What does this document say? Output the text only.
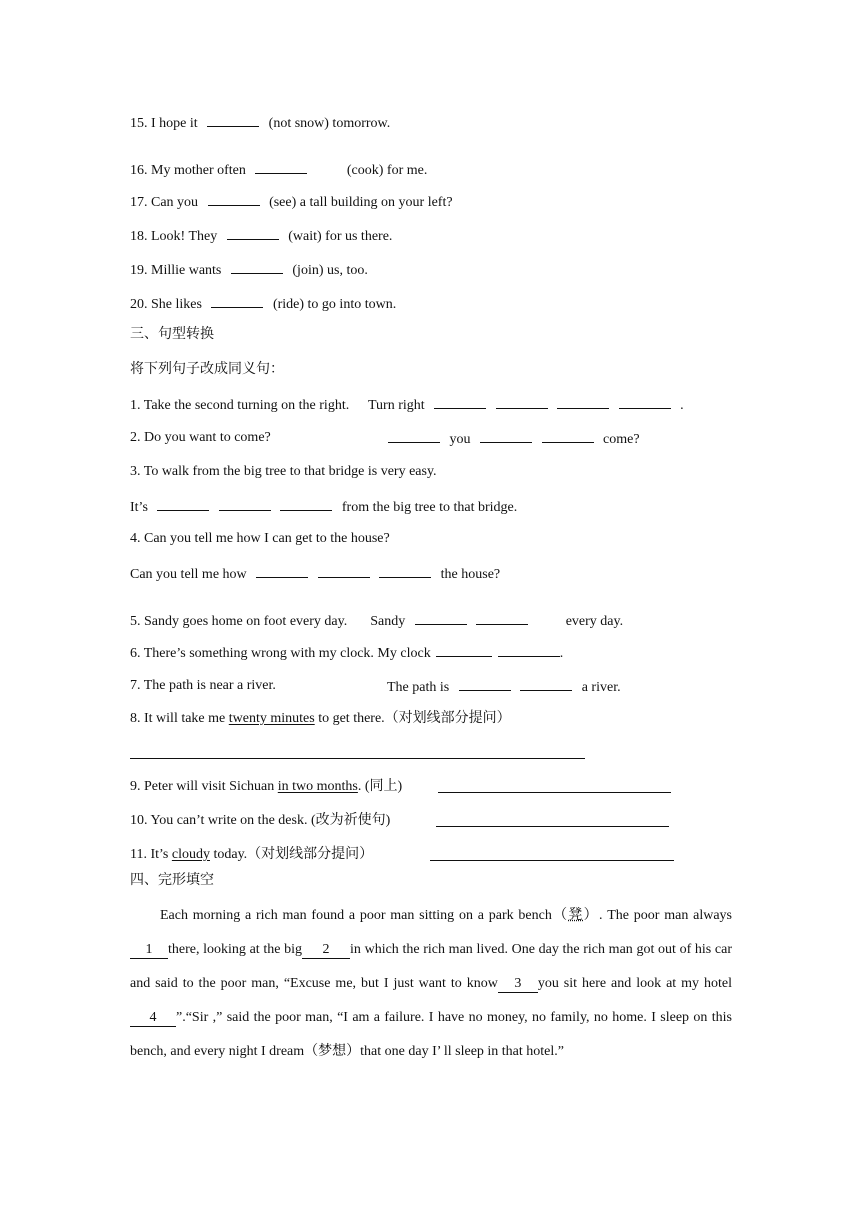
15. I hope it	(not snow) tomorrow.
16. My mother often	(cook) for me.
17. Can you	(see) a tall building on your left?
18. Look! They	(wait) for us there.
19. Millie wants	(join) us, too.
20. She likes	(ride) to go into town.
三、句型转换
将下列句子改成同义句：
1. Take the second turning on the right. Turn right	.
2. Do you want to come?	you	come?
3. To walk from the big tree to that bridge is very easy.
It’s	from the big tree to that bridge.
4. Can you tell me how I can get to the house?
Can you tell me how	the house?
5. Sandy goes home on foot every day. Sandy	every day.
6. There’s something wrong with my clock. My clock	.
7. The path is near a river.	The path is	a river.
8. It will take me twenty minutes to get there.（对划线部分提问）
9. Peter will visit Sichuan in two months. (同上)
10. You can’t write on the desk. (改为祈使句)
11. It’s cloudy today.（对划线部分提问）
四、完形填空
Each morning a rich man found a poor man sitting on a park bench（凳）. The poor man always1 there, looking at the big 2 in which the rich man lived. One day the rich man got out of his car and said to the poor man, “Excuse me, but I just want to know 3 you sit here and look at my hotel 4 ”.“Sir ,” said the poor man, “I am a failure. I have no money, no family, no home. I sleep on this bench, and every night I dream（梦想）that one day I’ ll sleep in that hotel.”
